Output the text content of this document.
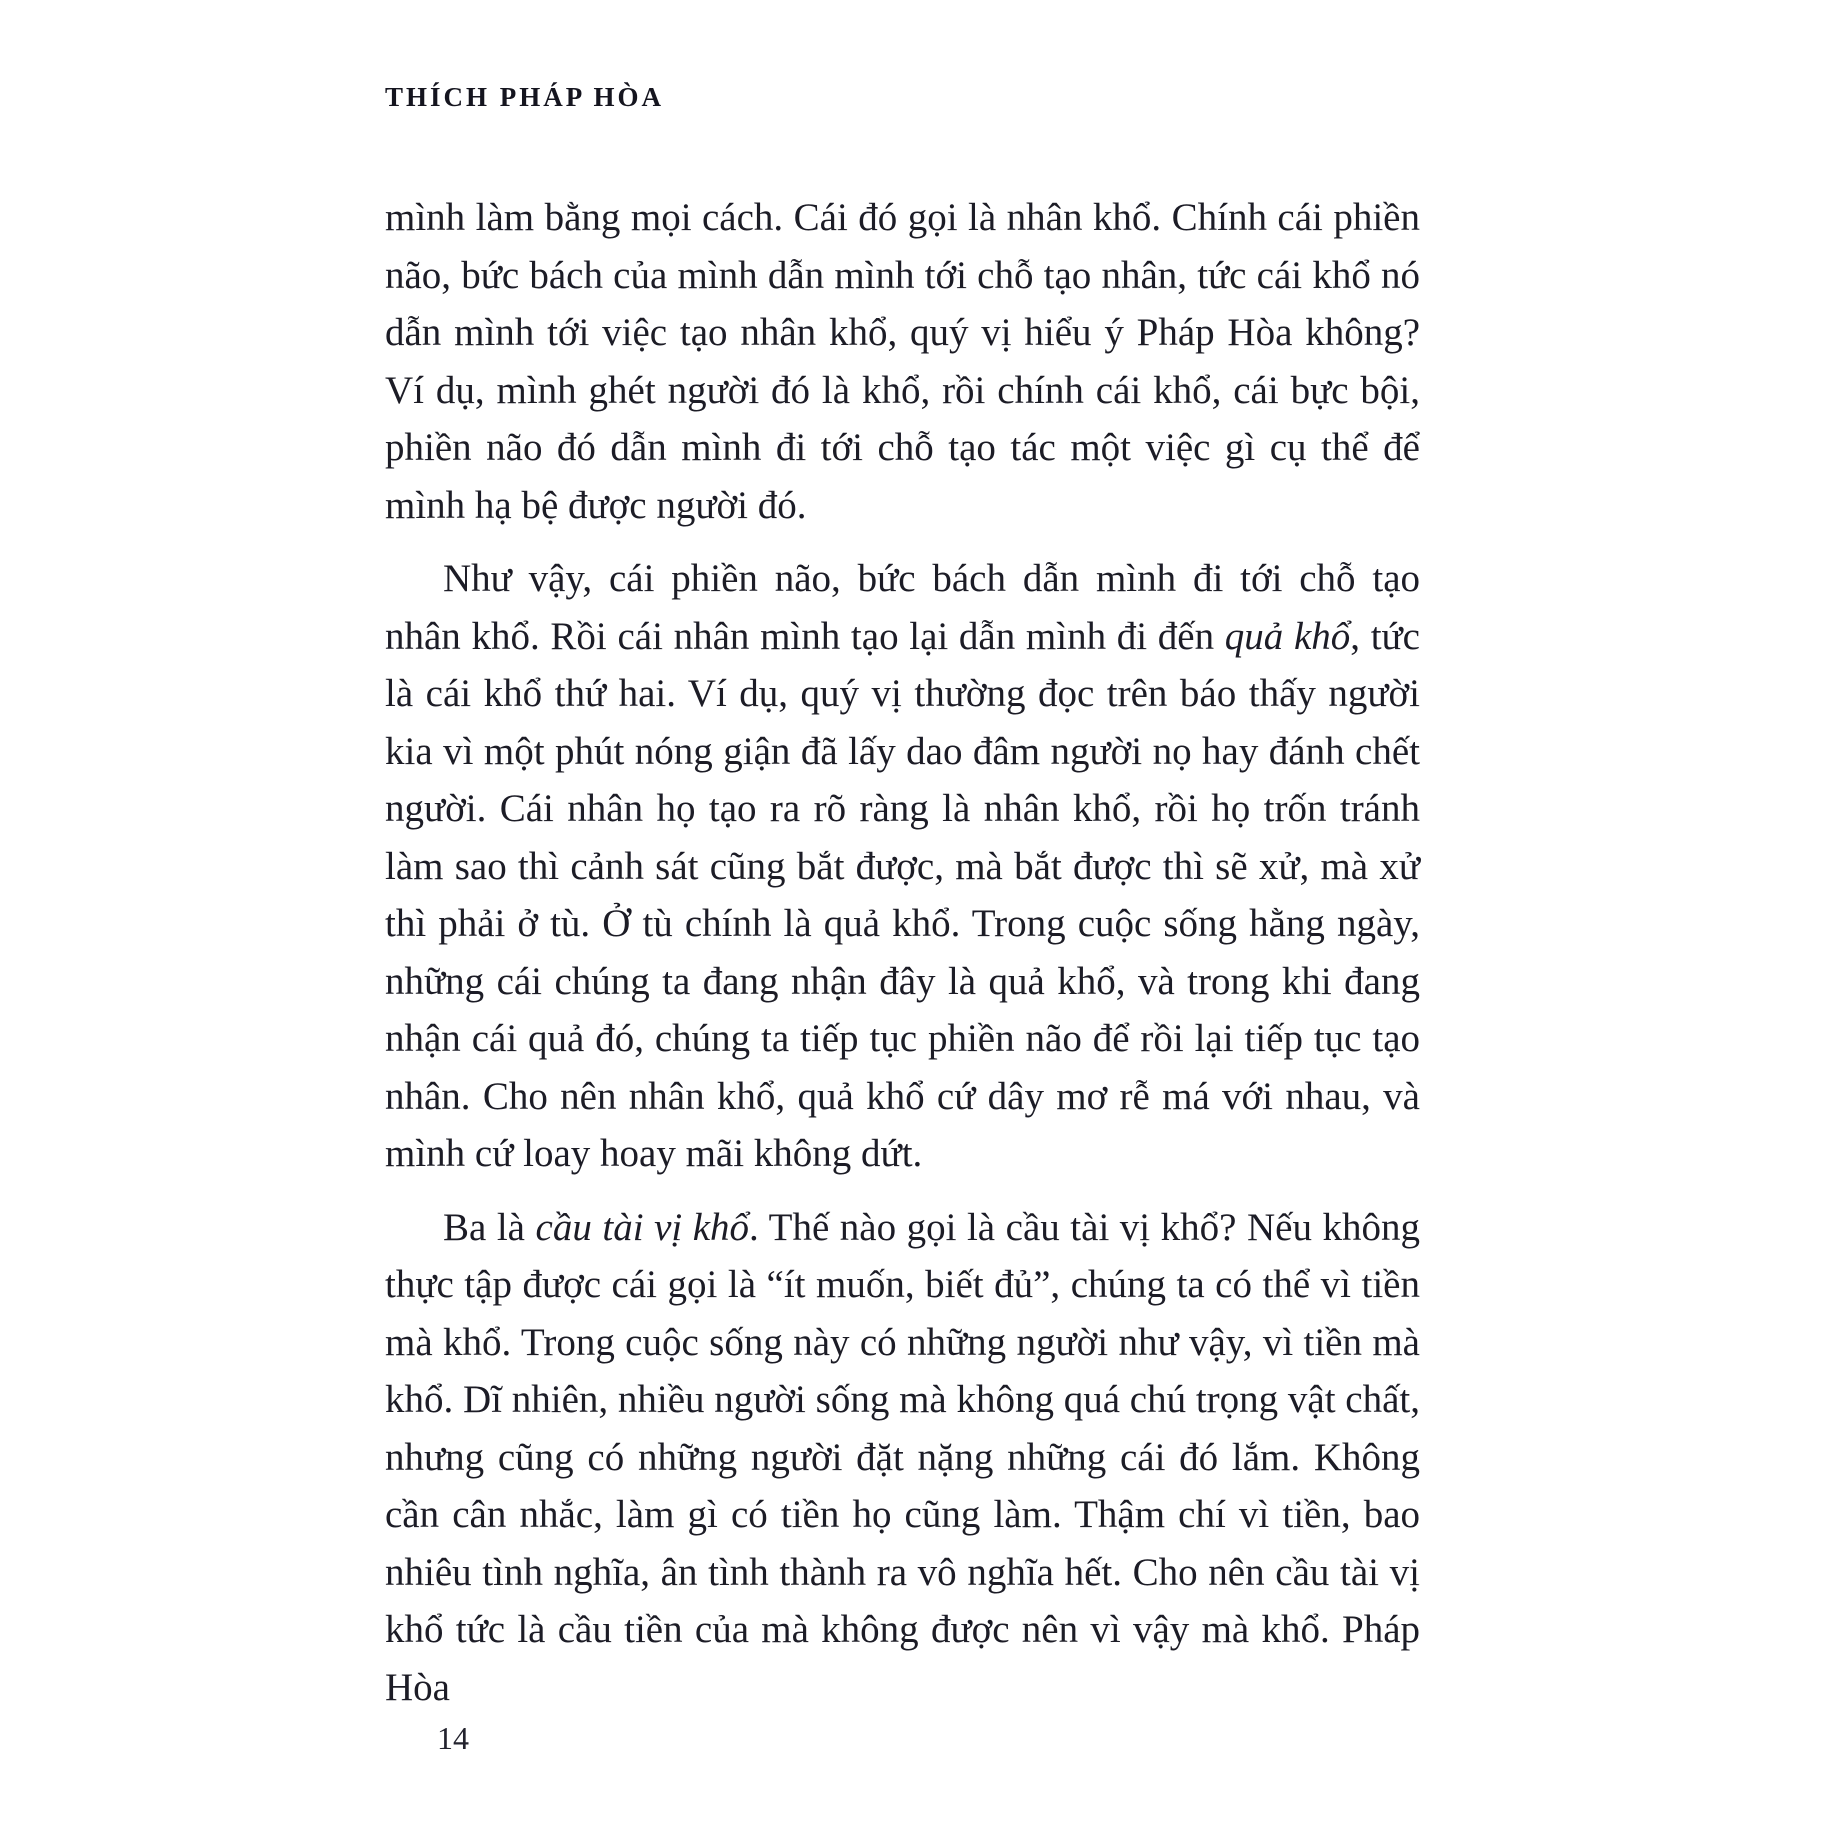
THÍCH PHÁP HÒA

mình làm bằng mọi cách. Cái đó gọi là nhân khổ. Chính cái phiền não, bức bách của mình dẫn mình tới chỗ tạo nhân, tức cái khổ nó dẫn mình tới việc tạo nhân khổ, quý vị hiểu ý Pháp Hòa không? Ví dụ, mình ghét người đó là khổ, rồi chính cái khổ, cái bực bội, phiền não đó dẫn mình đi tới chỗ tạo tác một việc gì cụ thể để mình hạ bệ được người đó.

Như vậy, cái phiền não, bức bách dẫn mình đi tới chỗ tạo nhân khổ. Rồi cái nhân mình tạo lại dẫn mình đi đến quả khổ, tức là cái khổ thứ hai. Ví dụ, quý vị thường đọc trên báo thấy người kia vì một phút nóng giận đã lấy dao đâm người nọ hay đánh chết người. Cái nhân họ tạo ra rõ ràng là nhân khổ, rồi họ trốn tránh làm sao thì cảnh sát cũng bắt được, mà bắt được thì sẽ xử, mà xử thì phải ở tù. Ở tù chính là quả khổ. Trong cuộc sống hằng ngày, những cái chúng ta đang nhận đây là quả khổ, và trong khi đang nhận cái quả đó, chúng ta tiếp tục phiền não để rồi lại tiếp tục tạo nhân. Cho nên nhân khổ, quả khổ cứ dây mơ rễ má với nhau, và mình cứ loay hoay mãi không dứt.

Ba là cầu tài vị khổ. Thế nào gọi là cầu tài vị khổ? Nếu không thực tập được cái gọi là “ít muốn, biết đủ”, chúng ta có thể vì tiền mà khổ. Trong cuộc sống này có những người như vậy, vì tiền mà khổ. Dĩ nhiên, nhiều người sống mà không quá chú trọng vật chất, nhưng cũng có những người đặt nặng những cái đó lắm. Không cần cân nhắc, làm gì có tiền họ cũng làm. Thậm chí vì tiền, bao nhiêu tình nghĩa, ân tình thành ra vô nghĩa hết. Cho nên cầu tài vị khổ tức là cầu tiền của mà không được nên vì vậy mà khổ. Pháp Hòa

14
